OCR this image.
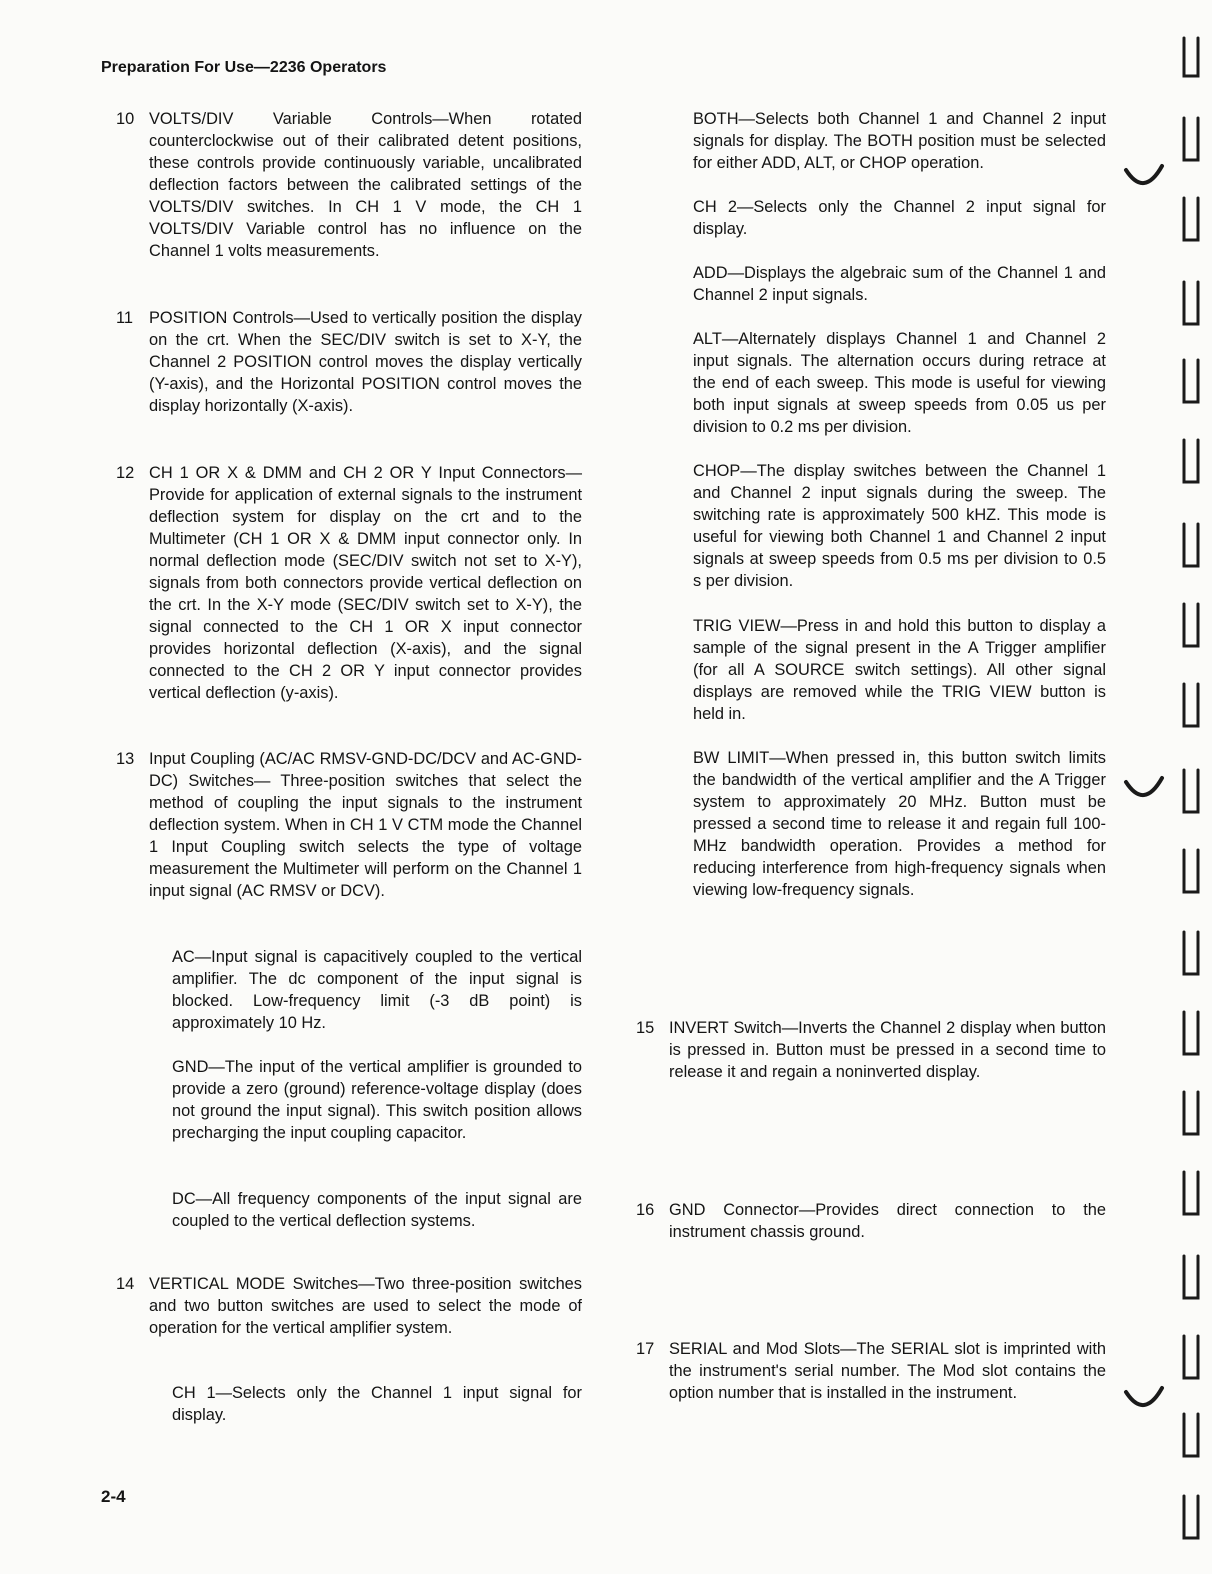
Preparation For Use—2236 Operators
10 VOLTS/DIV Variable Controls—When rotated counterclockwise out of their calibrated detent positions, these controls provide continuously variable, uncalibrated deflection factors between the calibrated settings of the VOLTS/DIV switches. In CH 1 V mode, the CH 1 VOLTS/DIV Variable control has no influence on the Channel 1 volts measurements.
11 POSITION Controls—Used to vertically position the display on the crt. When the SEC/DIV switch is set to X-Y, the Channel 2 POSITION control moves the display vertically (Y-axis), and the Horizontal POSITION control moves the display horizontally (X-axis).
12 CH 1 OR X & DMM and CH 2 OR Y Input Connectors—Provide for application of external signals to the instrument deflection system for display on the crt and to the Multimeter (CH 1 OR X & DMM input connector only. In normal deflection mode (SEC/DIV switch not set to X-Y), signals from both connectors provide vertical deflection on the crt. In the X-Y mode (SEC/DIV switch set to X-Y), the signal connected to the CH 1 OR X input connector provides horizontal deflection (X-axis), and the signal connected to the CH 2 OR Y input connector provides vertical deflection (y-axis).
13 Input Coupling (AC/AC RMSV-GND-DC/DCV and AC-GND-DC) Switches— Three-position switches that select the method of coupling the input signals to the instrument deflection system. When in CH 1 V CTM mode the Channel 1 Input Coupling switch selects the type of voltage measurement the Multimeter will perform on the Channel 1 input signal (AC RMSV or DCV).
AC—Input signal is capacitively coupled to the vertical amplifier. The dc component of the input signal is blocked. Low-frequency limit (-3 dB point) is approximately 10 Hz.
GND—The input of the vertical amplifier is grounded to provide a zero (ground) reference-voltage display (does not ground the input signal). This switch position allows precharging the input coupling capacitor.
DC—All frequency components of the input signal are coupled to the vertical deflection systems.
14 VERTICAL MODE Switches—Two three-position switches and two button switches are used to select the mode of operation for the vertical amplifier system.
CH 1—Selects only the Channel 1 input signal for display.
BOTH—Selects both Channel 1 and Channel 2 input signals for display. The BOTH position must be selected for either ADD, ALT, or CHOP operation.
CH 2—Selects only the Channel 2 input signal for display.
ADD—Displays the algebraic sum of the Channel 1 and Channel 2 input signals.
ALT—Alternately displays Channel 1 and Channel 2 input signals. The alternation occurs during retrace at the end of each sweep. This mode is useful for viewing both input signals at sweep speeds from 0.05 us per division to 0.2 ms per division.
CHOP—The display switches between the Channel 1 and Channel 2 input signals during the sweep. The switching rate is approximately 500 kHZ. This mode is useful for viewing both Channel 1 and Channel 2 input signals at sweep speeds from 0.5 ms per division to 0.5 s per division.
TRIG VIEW—Press in and hold this button to display a sample of the signal present in the A Trigger amplifier (for all A SOURCE switch settings). All other signal displays are removed while the TRIG VIEW button is held in.
BW LIMIT—When pressed in, this button switch limits the bandwidth of the vertical amplifier and the A Trigger system to approximately 20 MHz. Button must be pressed a second time to release it and regain full 100-MHz bandwidth operation. Provides a method for reducing interference from high-frequency signals when viewing low-frequency signals.
15 INVERT Switch—Inverts the Channel 2 display when button is pressed in. Button must be pressed in a second time to release it and regain a noninverted display.
16 GND Connector—Provides direct connection to the instrument chassis ground.
17 SERIAL and Mod Slots—The SERIAL slot is imprinted with the instrument's serial number. The Mod slot contains the option number that is installed in the instrument.
2-4
